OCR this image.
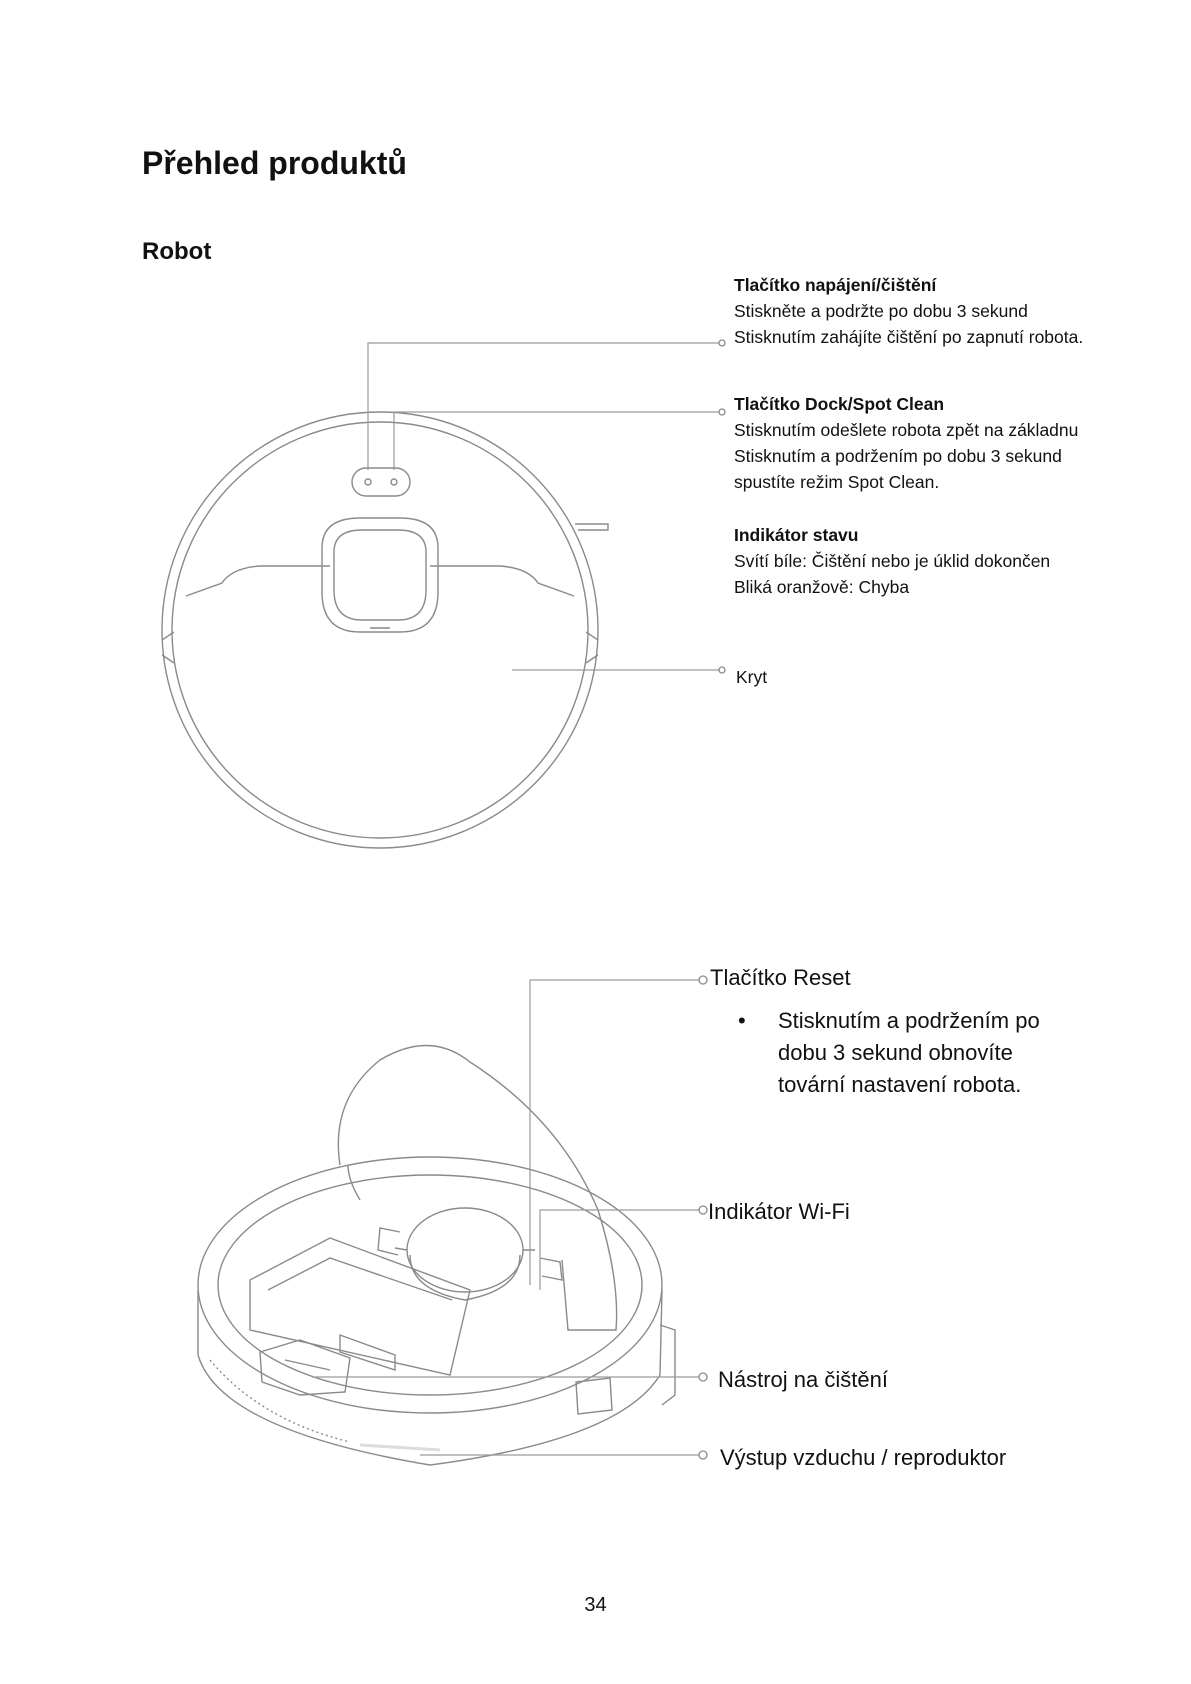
Přehled produktů
Robot
Tlačítko napájení/čištění
Stiskněte a podržte po dobu 3 sekund
Stisknutím zahájíte čištění po zapnutí robota.
Tlačítko Dock/Spot Clean
Stisknutím odešlete robota zpět na základnu
Stisknutím a podržením po dobu 3 sekund
spustíte režim Spot Clean.
Indikátor stavu
Svítí bíle: Čištění nebo je úklid dokončen
Bliká oranžově: Chyba
Kryt
Tlačítko Reset
• Stisknutím a podržením po
dobu 3 sekund obnovíte
tovární nastavení robota.
Indikátor Wi-Fi
Nástroj na čištění
Výstup vzduchu / reproduktor
34
